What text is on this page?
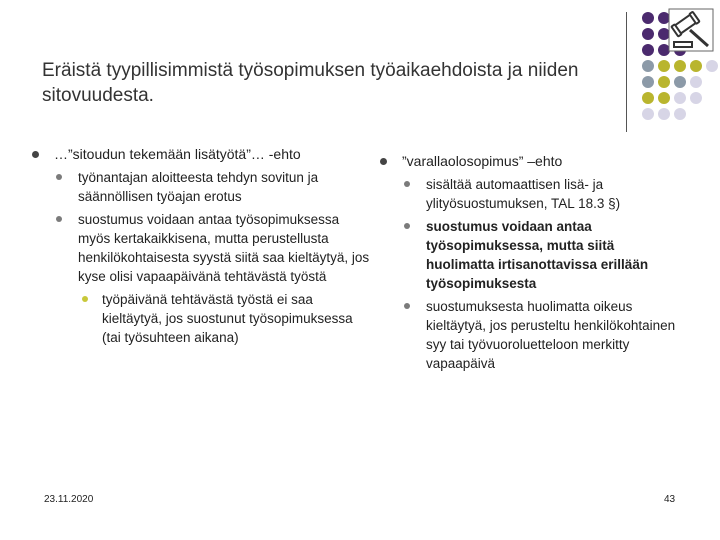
Eräistä tyypillisimmistä työsopimuksen työaikaehdoista ja niiden sitovuudesta.
…”sitoudun tekemään lisätyötä”… -ehto
työnantajan aloitteesta tehdyn sovitun ja säännöllisen työajan erotus
suostumus voidaan antaa työsopimuksessa myös kertakaikkisena, mutta perustellusta henkilökohtaisesta syystä siitä saa kieltäytyä, jos kyse olisi vapaapäivänä tehtävästä työstä
työpäivänä tehtävästä työstä ei saa kieltäytyä, jos suostunut työsopimuksessa (tai työsuhteen aikana)
”varallaolosopimus” –ehto
sisältää automaattisen lisä- ja ylityösuostumuksen, TAL 18.3 §)
suostumus voidaan antaa työsopimuksessa, mutta siitä huolimatta irtisanottavissa erillään työsopimuksesta
suostumuksesta huolimatta oikeus kieltäytyä, jos perusteltu henkilökohtainen syy tai työvuoroluetteloon merkitty vapaapäivä
23.11.2020	43
